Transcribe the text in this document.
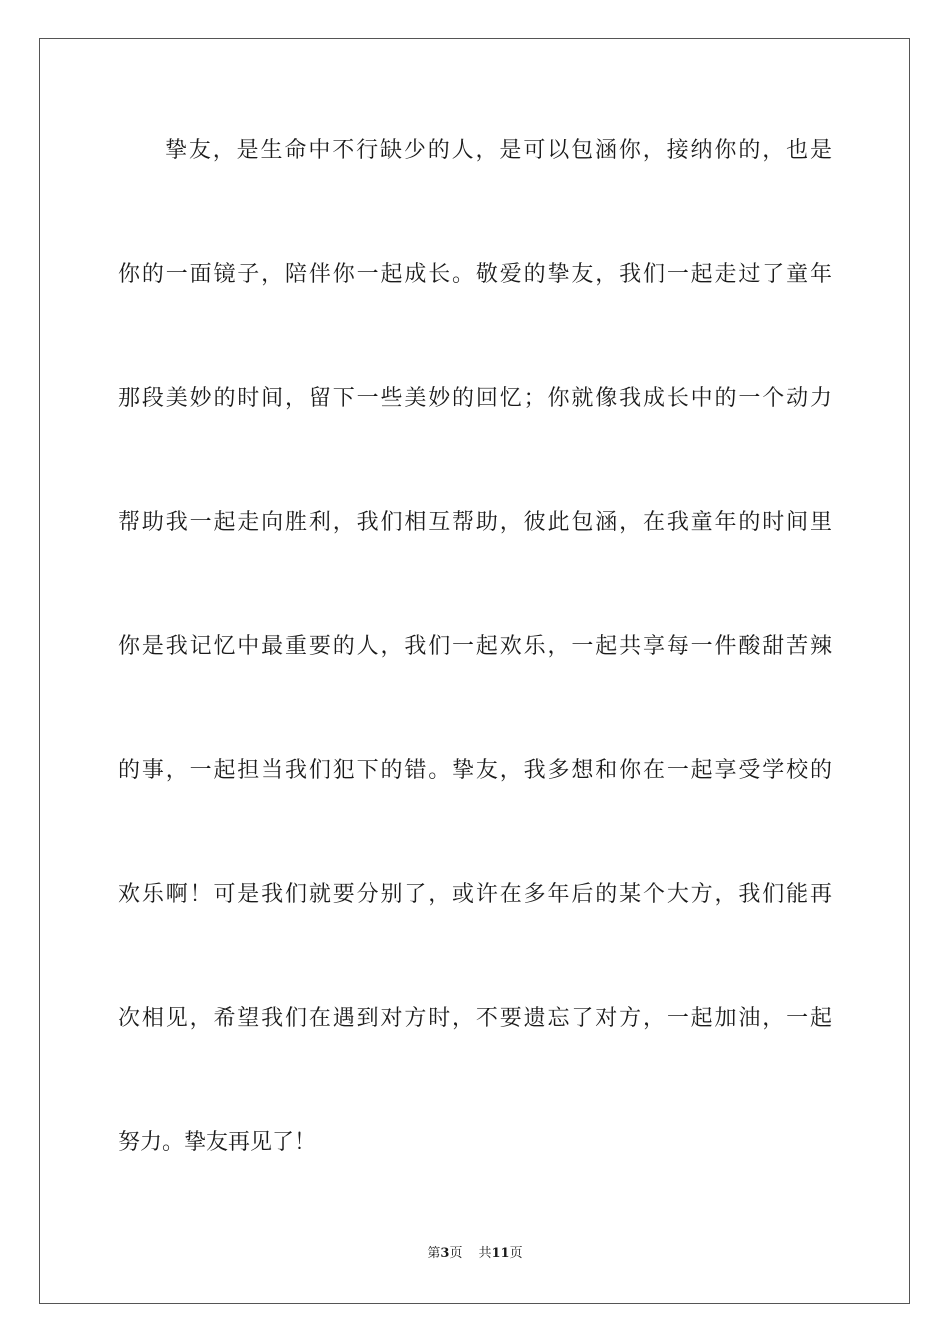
挚友，是生命中不行缺少的人，是可以包涵你，接纳你的，也是
你的一面镜子，陪伴你一起成长。敬爱的挚友，我们一起走过了童年
那段美妙的时间，留下一些美妙的回忆；你就像我成长中的一个动力
帮助我一起走向胜利，我们相互帮助，彼此包涵，在我童年的时间里
你是我记忆中最重要的人，我们一起欢乐，一起共享每一件酸甜苦辣
的事，一起担当我们犯下的错。挚友，我多想和你在一起享受学校的
欢乐啊！可是我们就要分别了，或许在多年后的某个大方，我们能再
次相见，希望我们在遇到对方时，不要遗忘了对方，一起加油，一起
努力。挚友再见了！
第3页 共11页
